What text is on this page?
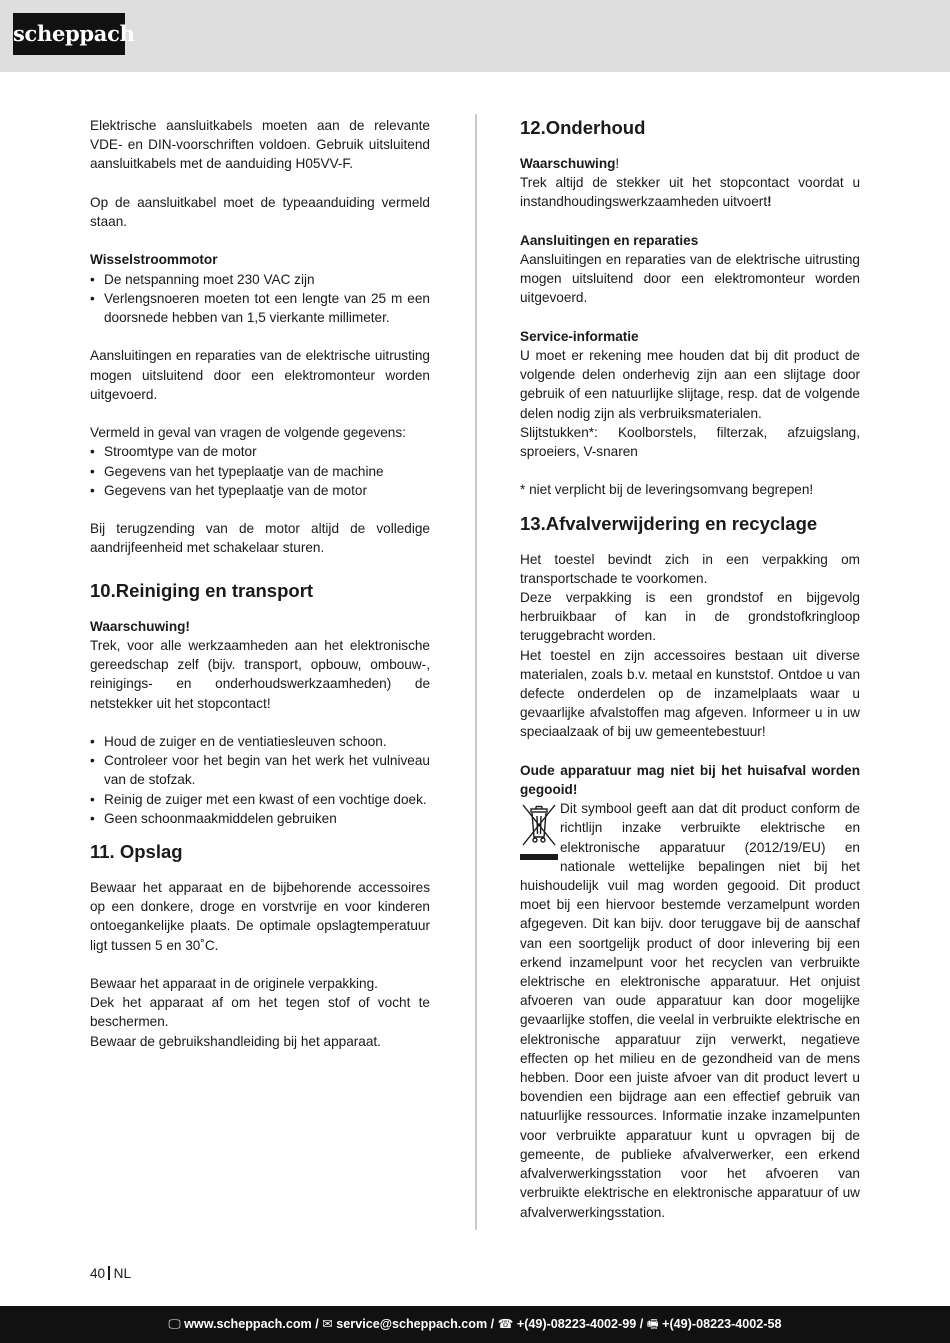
scheppach

Elektrische aansluitkabels moeten aan de relevante VDE- en DIN-voorschriften voldoen. Gebruik uitsluitend aansluitkabels met de aanduiding H05VV-F.

Op de aansluitkabel moet de typeaanduiding vermeld staan.

Wisselstroommotor

• De netspanning moet 230 VAC zijn
• Verlengsnoeren moeten tot een lengte van 25 m een doorsnede hebben van 1,5 vierkante millimeter.

Aansluitingen en reparaties van de elektrische uitrusting mogen uitsluitend door een elektromonteur worden uitgevoerd.

Vermeld in geval van vragen de volgende gegevens:

• Stroomtype van de motor
• Gegevens van het typeplaatje van de machine
• Gegevens van het typeplaatje van de motor

Bij terugzending van de motor altijd de volledige aandrijfeenheid met schakelaar sturen.

10.Reiniging en transport

Waarschuwing!

Trek, voor alle werkzaamheden aan het elektronische gereedschap zelf (bijv. transport, opbouw, ombouw-, reinigings- en onderhoudswerkzaamheden) de netstekker uit het stopcontact!

• Houd de zuiger en de ventiatiesleuven schoon.
• Controleer voor het begin van het werk het vulniveau van de stofzak.
• Reinig de zuiger met een kwast of een vochtige doek.
• Geen schoonmaakmiddelen gebruiken
11. Opslag

Bewaar het apparaat en de bijbehorende accessoires op een donkere, droge en vorstvrije en voor kinderen ontoegankelijke plaats. De optimale opslagtemperatuur ligt tussen 5 en 30˚C.

Bewaar het apparaat in de originele verpakking.

Dek het apparaat af om het tegen stof of vocht te beschermen.

Bewaar de gebruikshandleiding bij het apparaat.

12.Onderhoud

Waarschuwing!

Trek altijd de stekker uit het stopcontact voordat u instandhoudingswerkzaamheden uitvoert!

Aansluitingen en reparaties

Aansluitingen en reparaties van de elektrische uitrusting mogen uitsluitend door een elektromonteur worden uitgevoerd.

Service-informatie

U moet er rekening mee houden dat bij dit product de volgende delen onderhevig zijn aan een slijtage door gebruik of een natuurlijke slijtage, resp. dat de volgende delen nodig zijn als verbruiksmaterialen.

Slijtstukken*: Koolborstels, filterzak, afzuigslang, sproeiers, V-snaren

* niet verplicht bij de leveringsomvang begrepen!

13.Afvalverwijdering en recyclage

Het toestel bevindt zich in een verpakking om transportschade te voorkomen.

Deze verpakking is een grondstof en bijgevolg herbruikbaar of kan in de grondstofkringloop teruggebracht worden.

Het toestel en zijn accessoires bestaan uit diverse materialen, zoals b.v. metaal en kunststof. Ontdoe u van defecte onderdelen op de inzamelplaats waar u gevaarlijke afvalstoffen mag afgeven. Informeer u in uw speciaalzaak of bij uw gemeentebestuur!

Oude apparatuur mag niet bij het huisafval worden gegooid!

Dit symbool geeft aan dat dit product conform de richtlijn inzake verbruikte elektrische en elektronische apparatuur (2012/19/EU) en nationale wettelijke bepalingen niet bij het huishoudelijk vuil mag worden gegooid. Dit product moet bij een hiervoor bestemde verzamelpunt worden afgegeven. Dit kan bijv. door teruggave bij de aanschaf van een soortgelijk product of door inlevering bij een erkend inzamelpunt voor het recyclen van verbruikte elektrische en elektronische apparatuur. Het onjuist afvoeren van oude apparatuur kan door mogelijke gevaarlijke stoffen, die veelal in verbruikte elektrische en elektronische apparatuur zijn verwerkt, negatieve effecten op het milieu en de gezondheid van de mens hebben. Door een juiste afvoer van dit product levert u bovendien een bijdrage aan een effectief gebruik van natuurlijke ressources. Informatie inzake inzamelpunten voor verbruikte apparatuur kunt u opvragen bij de gemeente, de publieke afvalverwerker, een erkend afvalverwerkingsstation voor het afvoeren van verbruikte elektrische en elektronische apparatuur of uw afvalverwerkingsstation.

40 NL
🖵 www.scheppach.com / ✉ service@scheppach.com / ☎ +(49)-08223-4002-99 / 🖷 +(49)-08223-4002-58
